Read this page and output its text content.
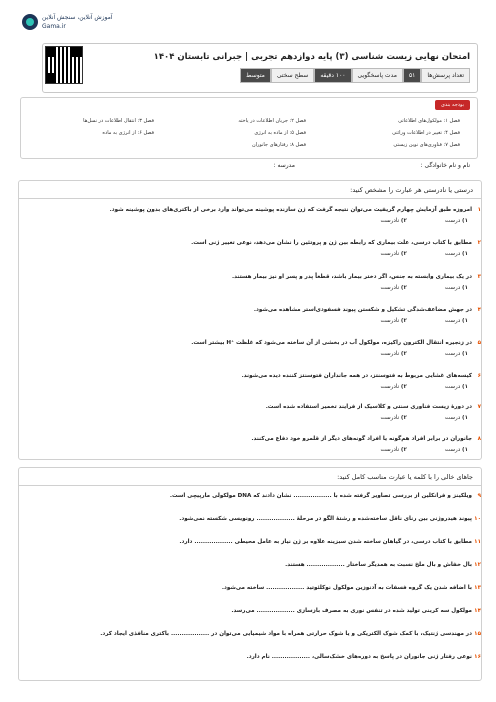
آموزش آنلاین، سنجش آنلاین
Gama.ir
امتحان نهایی زیست شناسی (۳) پایه دوازدهم تجربی | جبرانی تابستان ۱۴۰۴
تعداد پرسش‌ها
۵۱
مدت پاسخگویی
۱۰۰ دقیقه
سطح سختی
متوسط
بودجه بندی
فصل ۱: مولکول‌های اطلاعاتی
فصل ۲: جریان اطلاعات در یاخته
فصل ۳: انتقال اطلاعات در نسل‌ها
فصل ۴: تغییر در اطلاعات وراثتی
فصل ۵: از ماده به انرژی
فصل ۶: از انرژی به ماده
فصل ۷: فناوری‌های نوین زیستی
فصل ۸: رفتارهای جانوران
نام و نام خانوادگی :
مدرسه :
درستی یا نادرستی هر عبارت را مشخص کنید:
۱
امروزه طبق آزمایش چهارم گریفیت می‌توان نتیجه گرفت که ژن سازنده پوشینه می‌تواند وارد برخی از باکتری‌های بدون پوشینه شود.
۱) درست
۲) نادرست
۲
مطابق با کتاب درسی، علت بیماری که رابطه بین ژن و پروتئین را نشان می‌دهد، نوعی تغییر ژنی است.
۱) درست
۲) نادرست
۳
در یک بیماری وابسته به جنس، اگر دختر بیمار باشد، قطعاً پدر و پسر او نیز بیمار هستند.
۱) درست
۲) نادرست
۴
در جهش مضاعف‌شدگی تشکیل و شکستن پیوند فسفودی‌استر مشاهده می‌شود.
۱) درست
۲) نادرست
۵
در زنجیره انتقال الکترون راکیزه، مولکول آب در بخشی از آن ساخته می‌شود که غلظت ⁺H بیشتر است.
۱) درست
۲) نادرست
۶
کیسه‌های غشایی مربوط به فتوسنتز، در همه جانداران فتوسنتز کننده دیده می‌شوند.
۱) درست
۲) نادرست
۷
در دورهٔ زیست فناوری سنتی و کلاسیک از فرایند تخمیر استفاده شده است.
۱) درست
۲) نادرست
۸
جانوران در برابر افراد هم‌گونه یا افراد گونه‌های دیگر از قلمرو خود دفاع می‌کنند.
۱) درست
۲) نادرست
جاهای خالی را با کلمه یا عبارت مناسب کامل کنید:
۹
ویلکینز و فرانکلین از بررسی تصاویر گرفته شده با .................. نشان دادند که DNA مولکولی مارپیچی است.
۱۰
پیوند هیدروژنی بین رنای ناقل ساخته‌شده و رشتهٔ الگو در مرحلهٔ .................. رونویسی شکسته نمی‌شود.
۱۱
مطابق با کتاب درسی، در گیاهان ساخته شدن سبزینه علاوه بر ژن نیاز به عامل محیطی .................. دارد.
۱۲
بال خفاش و بال ملخ نسبت به همدیگر ساختار .................. هستند.
۱۳
با اضافه شدن یک گروه فسفات به آدنوزین مولکول نوکلئوتید .................. ساخته می‌شود.
۱۴
مولکول سه کربنی تولید شده در تنفس نوری به مصرف بازسازی .................. می‌رسد.
۱۵
در مهندسی ژنتیک، با کمک شوک الکتریکی و یا شوک حرارتی همراه با مواد شیمیایی می‌توان در .................. باکتری منافذی ایجاد کرد.
۱۶
نوعی رفتار ژنی جانوران در پاسخ به دوره‌های خشک‌سالی، .................. نام دارد.
